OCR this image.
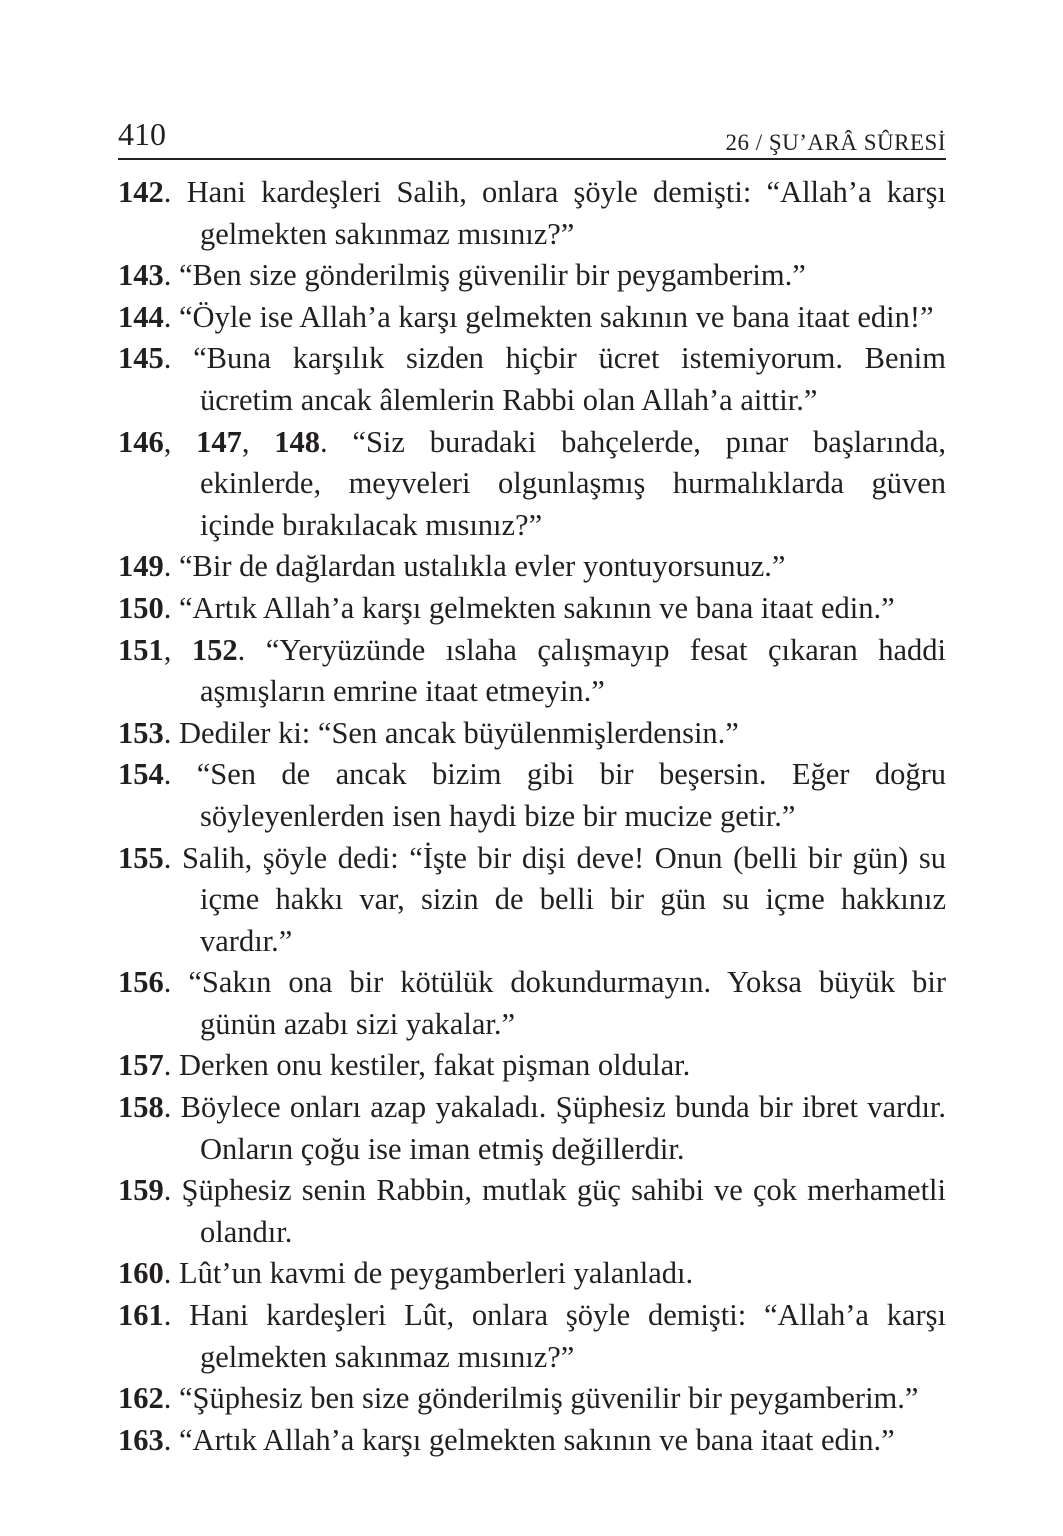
410	26 / ŞU’ARÂ SÛRESİ
142. Hani kardeşleri Salih, onlara şöyle demişti: “Allah’a karşı gelmekten sakınmaz mısınız?”
143. “Ben size gönderilmiş güvenilir bir peygamberim.”
144. “Öyle ise Allah’a karşı gelmekten sakının ve bana itaat edin!”
145. “Buna karşılık sizden hiçbir ücret istemiyorum. Benim ücretim ancak âlemlerin Rabbi olan Allah’a aittir.”
146, 147, 148. “Siz buradaki bahçelerde, pınar başlarında, ekinlerde, meyveleri olgunlaşmış hurmalıklarda güven içinde bırakılacak mısınız?”
149. “Bir de dağlardan ustalıkla evler yontuyorsunuz.”
150. “Artık Allah’a karşı gelmekten sakının ve bana itaat edin.”
151, 152. “Yeryüzünde ıslaha çalışmayıp fesat çıkaran haddi aşmışların emrine itaat etmeyin.”
153. Dediler ki: “Sen ancak büyülenmişlerdensin.”
154. “Sen de ancak bizim gibi bir beşersin. Eğer doğru söyleyenlerden isen haydi bize bir mucize getir.”
155. Salih, şöyle dedi: “İşte bir dişi deve! Onun (belli bir gün) su içme hakkı var, sizin de belli bir gün su içme hakkınız vardır.”
156. “Sakın ona bir kötülük dokundurmayın. Yoksa büyük bir günün azabı sizi yakalar.”
157. Derken onu kestiler, fakat pişman oldular.
158. Böylece onları azap yakaladı. Şüphesiz bunda bir ibret vardır. Onların çoğu ise iman etmiş değillerdir.
159. Şüphesiz senin Rabbin, mutlak güç sahibi ve çok merhametli olandır.
160. Lût’un kavmi de peygamberleri yalanladı.
161. Hani kardeşleri Lût, onlara şöyle demişti: “Allah’a karşı gelmekten sakınmaz mısınız?”
162. “Şüphesiz ben size gönderilmiş güvenilir bir peygamberim.”
163. “Artık Allah’a karşı gelmekten sakının ve bana itaat edin.”
